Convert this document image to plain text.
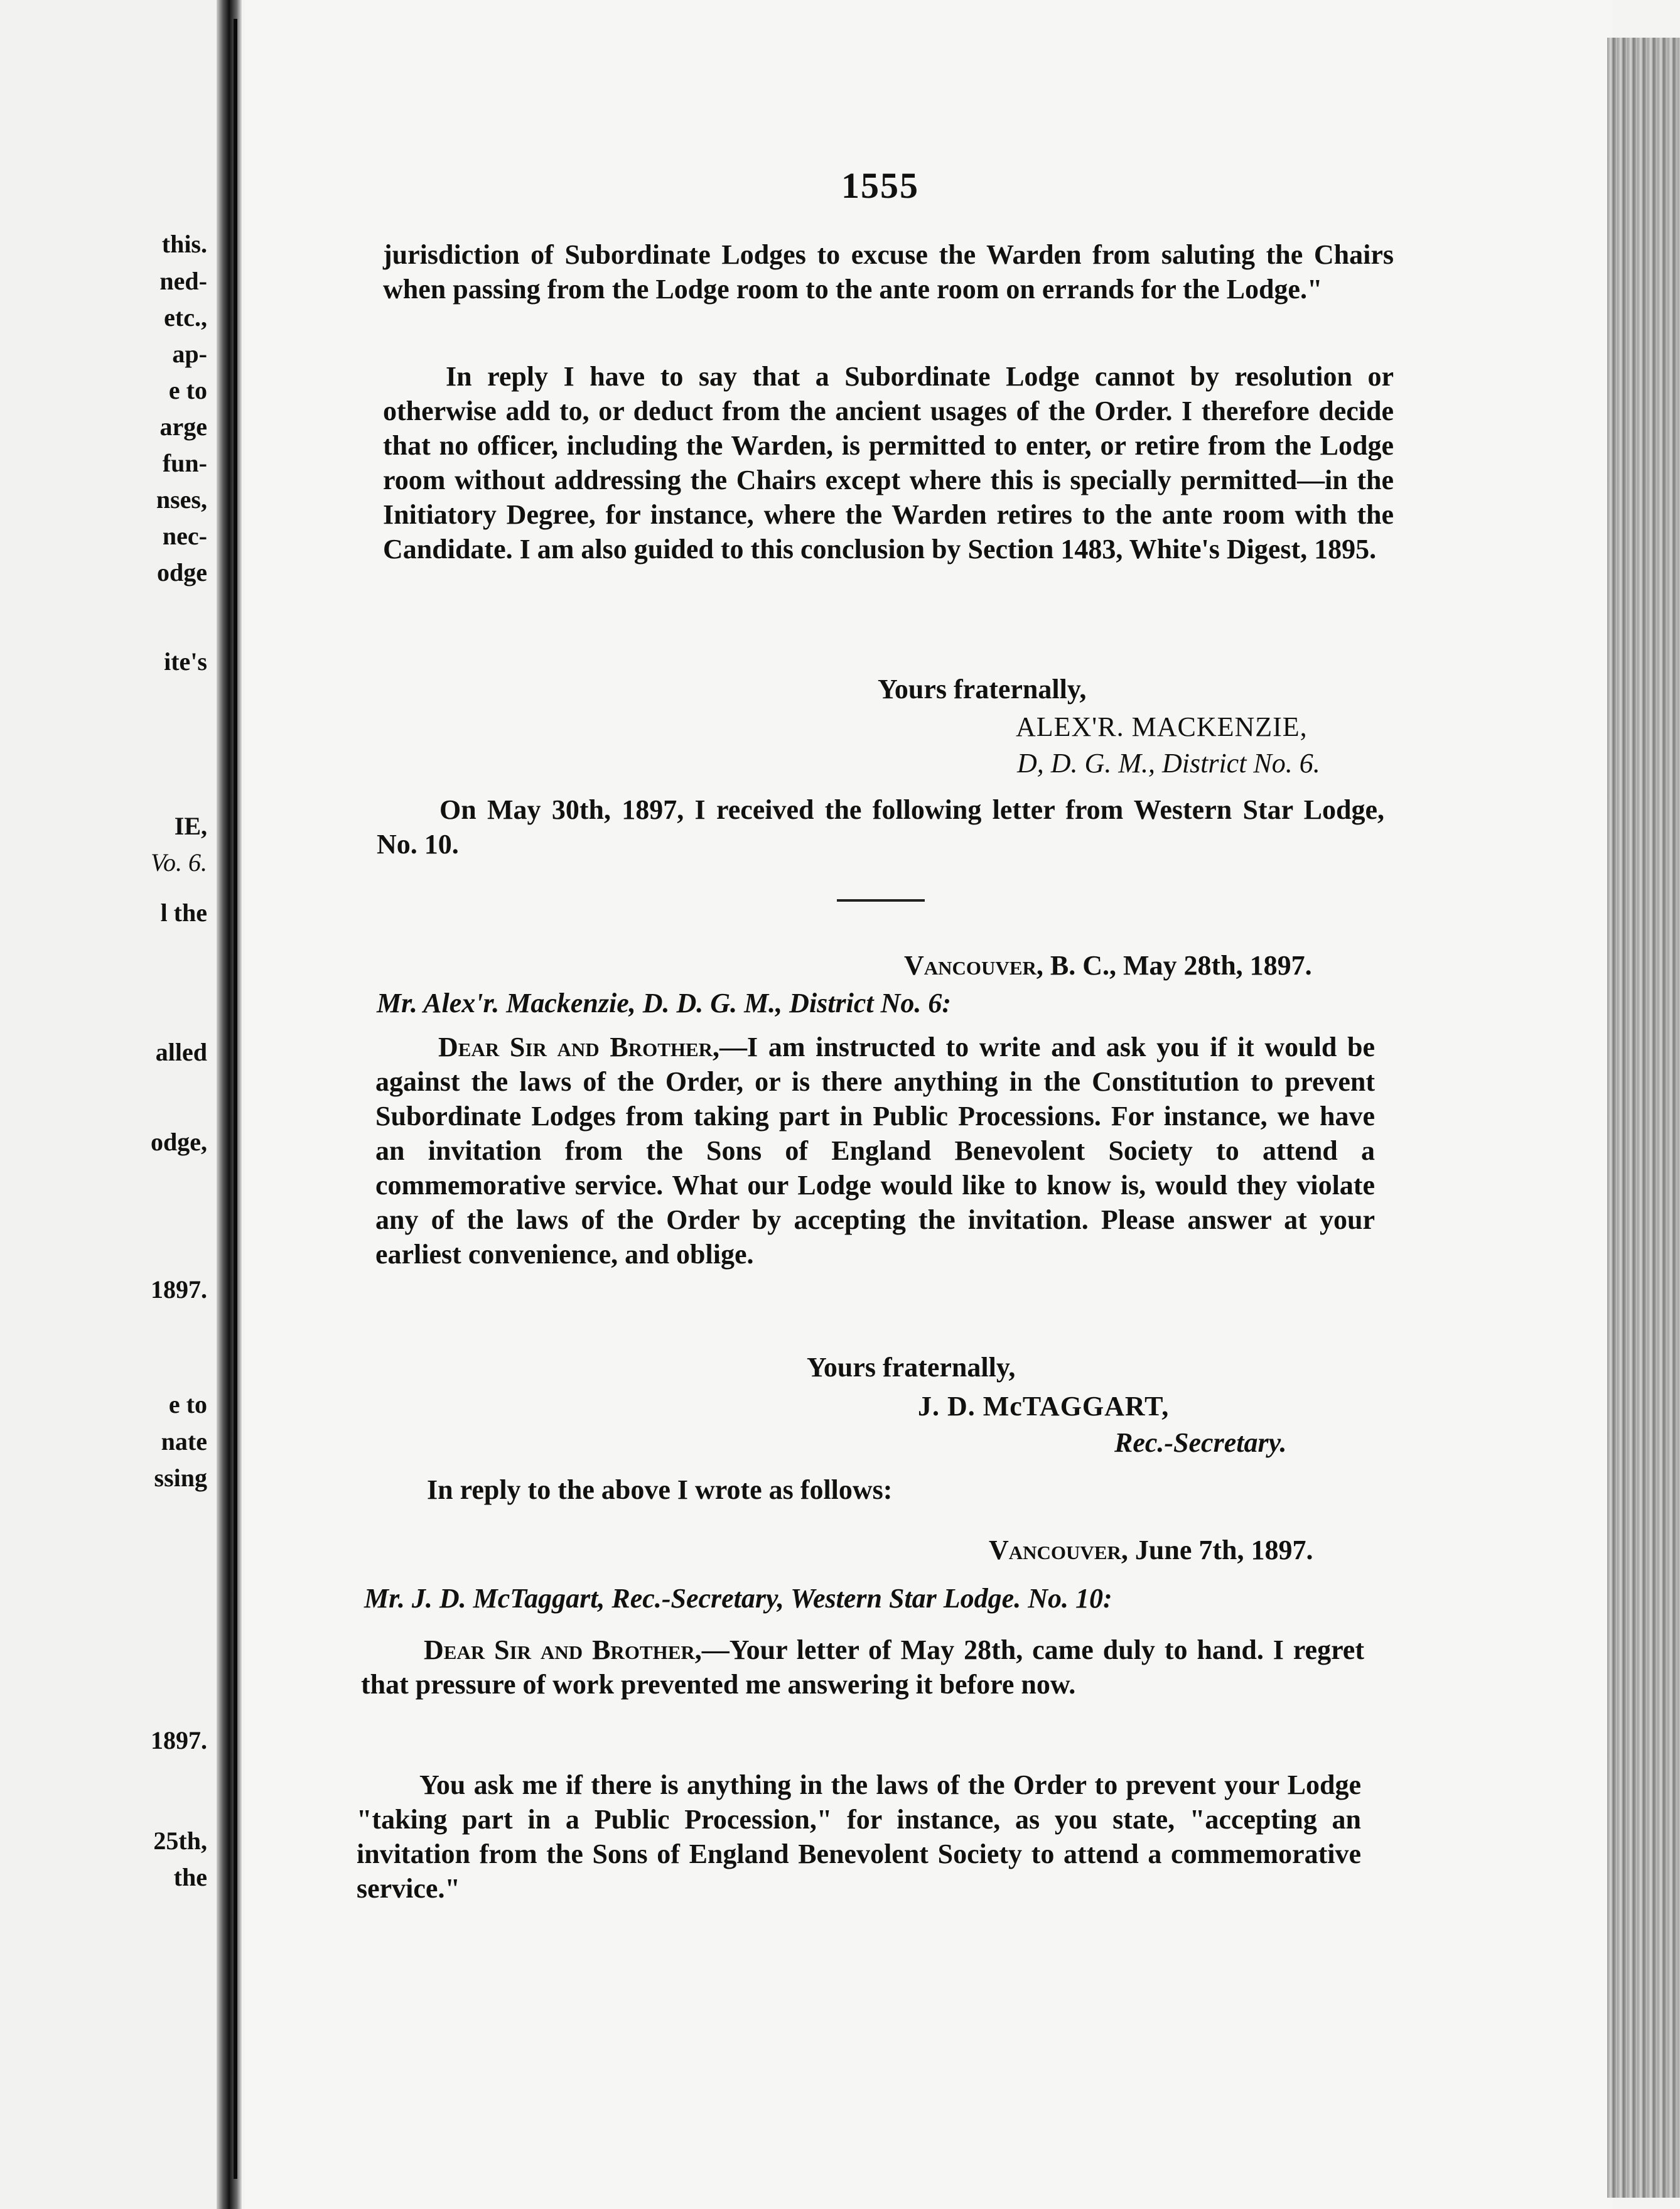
this.
ned-
etc.,
ap-
e to
arge
fun-
nses,
nec-
odge
ite's
IE,
Vo. 6.
l the
alled
odge,
1897.
e to
nate
ssing
1897.
25th,
the
1555
jurisdiction of Subordinate Lodges to excuse the Warden from saluting the Chairs when passing from the Lodge room to the ante room on errands for the Lodge."
In reply I have to say that a Subordinate Lodge cannot by resolution or otherwise add to, or deduct from the ancient usages of the Order. I therefore decide that no officer, including the Warden, is permitted to enter, or retire from the Lodge room without addressing the Chairs except where this is specially permitted—in the Initiatory Degree, for instance, where the Warden retires to the ante room with the Candidate. I am also guided to this conclusion by Section 1483, White's Digest, 1895.
Yours fraternally,
ALEX'R. MACKENZIE,
D, D. G. M., District No. 6.
On May 30th, 1897, I received the following letter from Western Star Lodge, No. 10.
Vancouver, B. C., May 28th, 1897.
Mr. Alex'r. Mackenzie, D. D. G. M., District No. 6:
Dear Sir and Brother,—I am instructed to write and ask you if it would be against the laws of the Order, or is there anything in the Constitution to prevent Subordinate Lodges from taking part in Public Processions. For instance, we have an invitation from the Sons of England Benevolent Society to attend a commemorative service. What our Lodge would like to know is, would they violate any of the laws of the Order by accepting the invitation. Please answer at your earliest convenience, and oblige.
Yours fraternally,
J. D. McTAGGART,
Rec.-Secretary.
In reply to the above I wrote as follows:
Vancouver, June 7th, 1897.
Mr. J. D. McTaggart, Rec.-Secretary, Western Star Lodge. No. 10:
Dear Sir and Brother,—Your letter of May 28th, came duly to hand. I regret that pressure of work prevented me answering it before now.
You ask me if there is anything in the laws of the Order to prevent your Lodge "taking part in a Public Procession," for instance, as you state, "accepting an invitation from the Sons of England Benevolent Society to attend a commemorative service."
